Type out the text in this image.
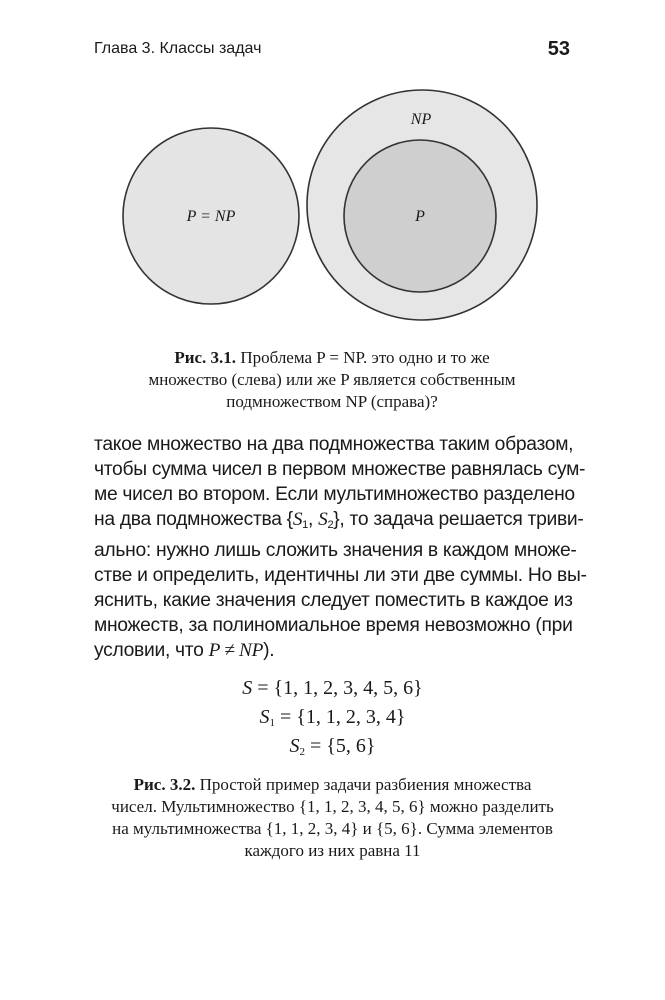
Глава 3. Классы задач	53
P = NP
NP
P
Рис. 3.1. Проблема P = NP. это одно и то же
множество (слева) или же P является собственным
подмножеством NP (справа)?
такое множество на два подмножества таким образом,
чтобы сумма чисел в первом множестве равнялась сум-
ме чисел во втором. Если мультимножество разделено
на два подмножества {$S_1$, $S_2$}, то задача решается триви-
ально: нужно лишь сложить значения в каждом множе-
стве и определить, идентичны ли эти две суммы. Но вы-
яснить, какие значения следует поместить в каждое из
множеств, за полиномиальное время невозможно (при
условии, что P ≠ NP).
S = {1, 1, 2, 3, 4, 5, 6}
$S_1 = \{1$, 1, 2, 3, 4}
$S_2 = \{5$, 6}
Рис. 3.2. Простой пример задачи разбиения множества
чисел. Мультимножество {1, 1, 2, 3, 4, 5, 6} можно разделить
на мультимножества {1, 1, 2, 3, 4} и {5, 6}. Сумма элементов
каждого из них равна 11
